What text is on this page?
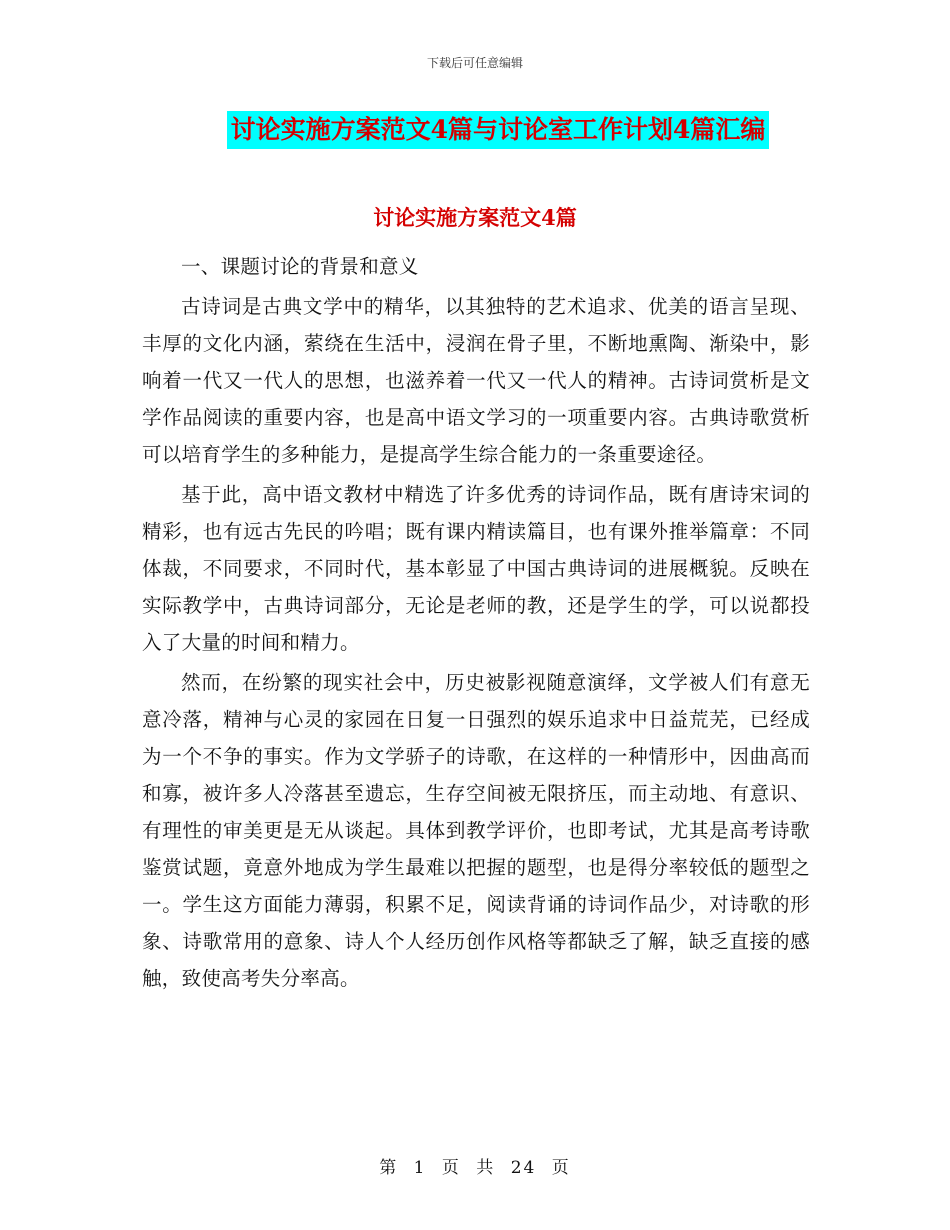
下载后可任意编辑
讨论实施方案范文4篇与讨论室工作计划4篇汇编
讨论实施方案范文4篇

一、课题讨论的背景和意义

古诗词是古典文学中的精华，以其独特的艺术追求、优美的语言呈现、丰厚的文化内涵，萦绕在生活中，浸润在骨子里，不断地熏陶、渐染中，影响着一代又一代人的思想，也滋养着一代又一代人的精神。古诗词赏析是文学作品阅读的重要内容，也是高中语文学习的一项重要内容。古典诗歌赏析可以培育学生的多种能力，是提高学生综合能力的一条重要途径。

基于此，高中语文教材中精选了许多优秀的诗词作品，既有唐诗宋词的精彩，也有远古先民的吟唱；既有课内精读篇目，也有课外推举篇章：不同体裁，不同要求，不同时代，基本彰显了中国古典诗词的进展概貌。反映在实际教学中，古典诗词部分，无论是老师的教，还是学生的学，可以说都投入了大量的时间和精力。

然而，在纷繁的现实社会中，历史被影视随意演绎，文学被人们有意无意冷落，精神与心灵的家园在日复一日强烈的娱乐追求中日益荒芜，已经成为一个不争的事实。作为文学骄子的诗歌，在这样的一种情形中，因曲高而和寡，被许多人冷落甚至遗忘，生存空间被无限挤压，而主动地、有意识、有理性的审美更是无从谈起。具体到教学评价，也即考试，尤其是高考诗歌鉴赏试题，竟意外地成为学生最难以把握的题型，也是得分率较低的题型之一。学生这方面能力薄弱，积累不足，阅读背诵的诗词作品少，对诗歌的形象、诗歌常用的意象、诗人个人经历创作风格等都缺乏了解，缺乏直接的感触，致使高考失分率高。

第 1 页 共 24 页
